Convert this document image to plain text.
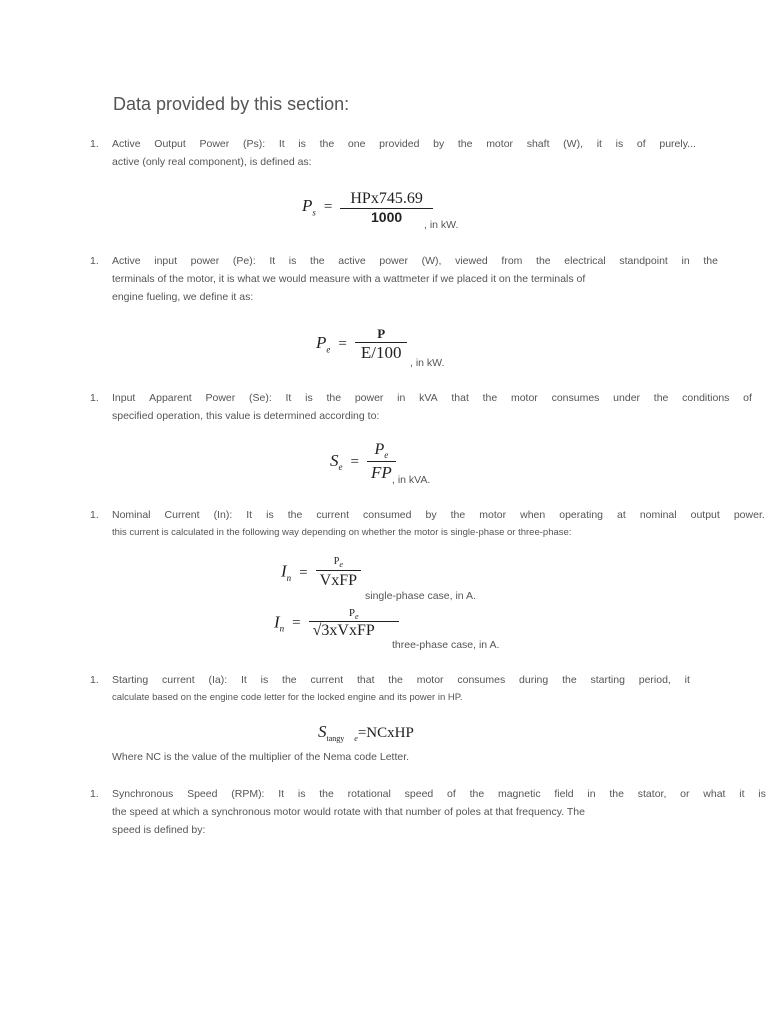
Data provided by this section:
1. Active Output Power (Ps): It is the one provided by the motor shaft (W), it is of purely...
active (only real component), is defined as:
$P_s = \frac{\text{HPx745.69}}{1000}$
, in kW.
1. Active input power (Pe): It is the active power (W), viewed from the electrical standpoint in the
terminals of the motor, it is what we would measure with a wattmeter if we placed it on the terminals of
engine fueling, we define it as:
$P_e = \frac{P}{E/100}$ , in kW.
1. Input Apparent Power (Se): It is the power in kVA that the motor consumes under the conditions of
specified operation, this value is determined according to:
$S_e = \frac{P_e}{FP}$
, in kVA.
1. Nominal Current (In): It is the current consumed by the motor when operating at nominal output power.
this current is calculated in the following way depending on whether the motor is single-phase or three-phase:
$I_n = \frac{P_e}{\text{VxFP}}$
single-phase case, in A.
$I_n = \frac{P_e}{\text{√3xVxFP}}$
three-phase case, in A.
1. Starting current (Ia): It is the current that the motor consumes during the starting period, it
calculate based on the engine code letter for the locked engine and its power in HP.
$S_{tangy}$ $_e$=NCxHP
Where NC is the value of the multiplier of the Nema code Letter.
1. Synchronous Speed (RPM): It is the rotational speed of the magnetic field in the stator, or what it is
the speed at which a synchronous motor would rotate with that number of poles at that frequency. The
speed is defined by:
